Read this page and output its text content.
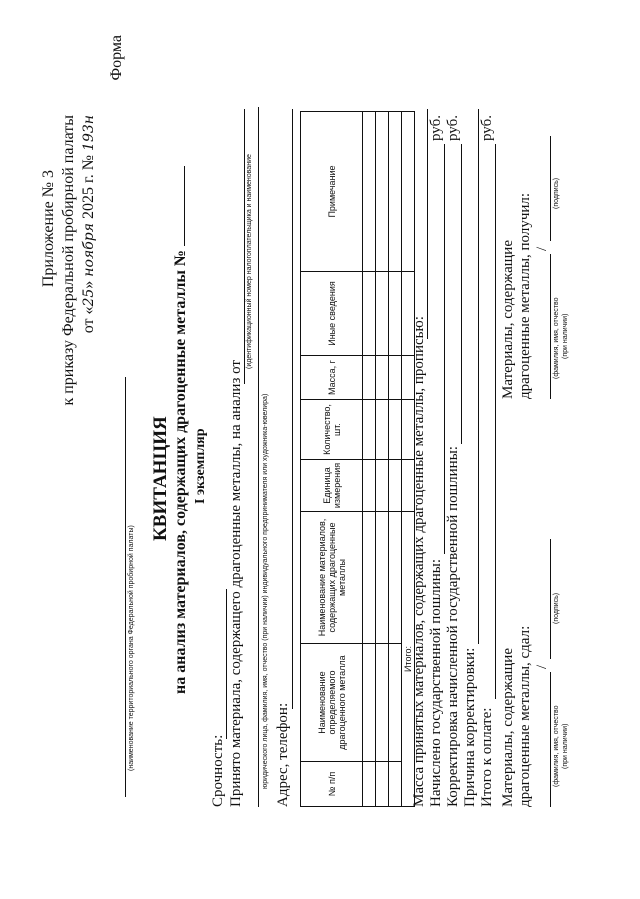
Приложение № 3 к приказу Федеральной пробирной палаты от «25» ноября 2025 г. № 193н
Форма
(наименование территориального органа Федеральной пробирной палаты)
КВИТАНЦИЯ на анализ материалов, содержащих драгоценные металлы № I экземпляр
Срочность: Принято материала, содержащего драгоценные металлы, на анализ от
(идентификационный номер налогоплательщика и наименование
юридического лица, фамилия, имя, отчество (при наличии) индивидуального предпринимателя или художника-ювелира) Адрес, телефон:	№ п/п	Наименование определяемого драгоценного металла	Наименование материалов, содержащих драгоценные металлы	Единица измерения	Количество, шт.	Масса, г	Иные сведения	Примечание

Итого:							
Масса принятых материалов, содержащих драгоценные металлы, прописью: Начислено государственной пошлины:
руб.
Корректировка начисленной государственной пошлины:
руб.
Причина корректировки: Итого к оплате:
руб.
Материалы, содержащие драгоценные металлы, сдал: /
(фамилия, имя, отчество (при наличии)
(подпись)
Материалы, содержащие драгоценные металлы, получил: /
(фамилия, имя, отчество (при наличии)
(подпись)
